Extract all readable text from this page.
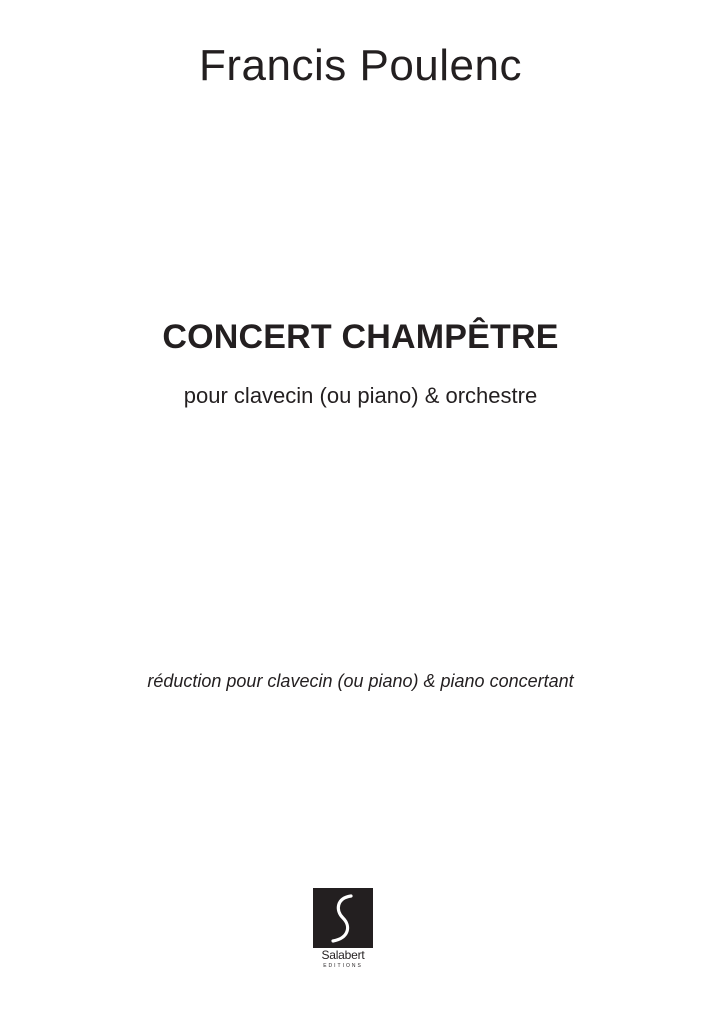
Francis Poulenc
CONCERT CHAMPÊTRE
pour clavecin (ou piano) & orchestre
réduction pour clavecin (ou piano) & piano concertant
Salabert
EDITIONS
